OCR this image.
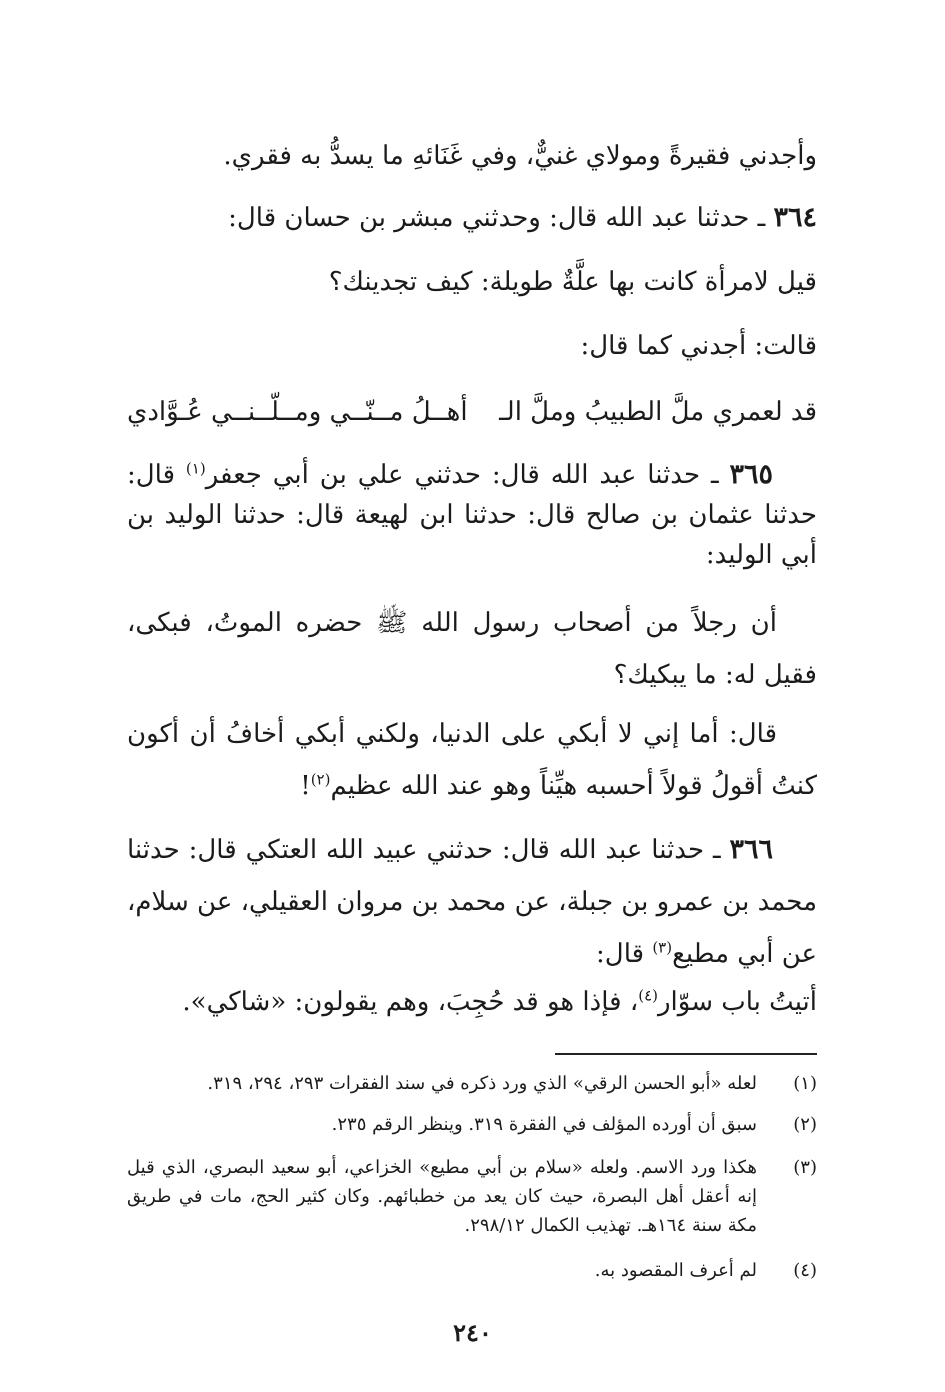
وأجدني فقيرةً ومولاي غنيٌّ، وفي غَنَائهِ ما يسدُّ به فقري.
٣٦٤ ـ حدثنا عبد الله قال: وحدثني مبشر بن حسان قال:
قيل لامرأة كانت بها علَّةٌ طويلة: كيف تجدينك؟
قالت: أجدني كما قال:
قد لعمري ملَّ الطبيبُ وملَّ الـ
أهــلُ مــنّــي ومــلّــنــي عُـوَّادي
٣٦٥ ـ حدثنا عبد الله قال: حدثني علي بن أبي جعفر$^{(١)}$ قال: حدثنا عثمان بن صالح قال: حدثنا ابن لهيعة قال: حدثنا الوليد بن أبي الوليد:
أن رجلاً من أصحاب رسول الله ﷺ حضره الموتُ، فبكى، فقيل له: ما يبكيك؟
قال: أما إني لا أبكي على الدنيا، ولكني أبكي أخافُ أن أكون كنتُ أقولُ قولاً أحسبه هيِّناً وهو عند الله عظيم$^{(٢)}$!
٣٦٦ ـ حدثنا عبد الله قال: حدثني عبيد الله العتكي قال: حدثنا محمد بن عمرو بن جبلة، عن محمد بن مروان العقيلي، عن سلام، عن أبي مطيع$^{(٣)}$ قال:
أتيتُ باب سوّار$^{(٤)}$، فإذا هو قد حُجِبَ، وهم يقولون: «شاكي».
(١)
لعله «أبو الحسن الرقي» الذي ورد ذكره في سند الفقرات ٢٩٣، ٢٩٤، ٣١٩.
(٢)
سبق أن أورده المؤلف في الفقرة ٣١٩. وينظر الرقم ٢٣٥.
(٣)
هكذا ورد الاسم. ولعله «سلام بن أبي مطيع» الخزاعي، أبو سعيد البصري، الذي قيل إنه أعقل أهل البصرة، حيث كان يعد من خطبائهم. وكان كثير الحج، مات في طريق مكة سنة ١٦٤هـ. تهذيب الكمال ٢٩٨/١٢.
(٤)
لم أعرف المقصود به.
٢٤٠
